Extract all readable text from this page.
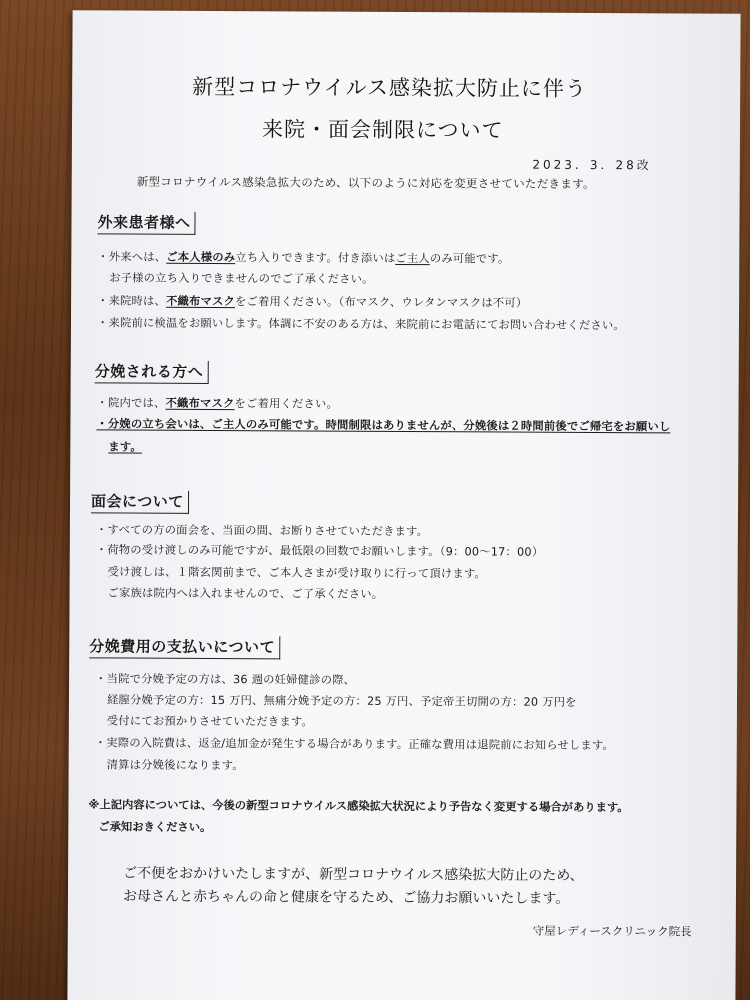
新型コロナウイルス感染拡大防止に伴う
来院・面会制限について
2023．3．28改
新型コロナウイルス感染急拡大のため、以下のように対応を変更させていただきます。
外来患者様へ
・外来へは、ご本人様のみ立ち入りできます。付き添いはご主人のみ可能です。
お子様の立ち入りできませんのでご了承ください。
・来院時は、不織布マスクをご着用ください。（布マスク、ウレタンマスクは不可）
・来院前に検温をお願いします。体調に不安のある方は、来院前にお電話にてお問い合わせください。
分娩される方へ
・院内では、不織布マスクをご着用ください。
・分娩の立ち会いは、ご主人のみ可能です。時間制限はありませんが、分娩後は２時間前後でご帰宅をお願いし
ます。
面会について
・すべての方の面会を、当面の間、お断りさせていただきます。
・荷物の受け渡しのみ可能ですが、最低限の回数でお願いします。（9：00～17：00）
受け渡しは、１階玄関前まで、ご本人さまが受け取りに行って頂けます。
ご家族は院内へは入れませんので、ご了承ください。
分娩費用の支払いについて
・当院で分娩予定の方は、36 週の妊婦健診の際、
経膣分娩予定の方：15 万円、無痛分娩予定の方：25 万円、予定帝王切開の方：20 万円を
受付にてお預かりさせていただきます。
・実際の入院費は、返金/追加金が発生する場合があります。正確な費用は退院前にお知らせします。
清算は分娩後になります。
※上記内容については、今後の新型コロナウイルス感染拡大状況により予告なく変更する場合があります。
ご承知おきください。
ご不便をおかけいたしますが、新型コロナウイルス感染拡大防止のため、
お母さんと赤ちゃんの命と健康を守るため、ご協力お願いいたします。
守屋レディースクリニック院長
